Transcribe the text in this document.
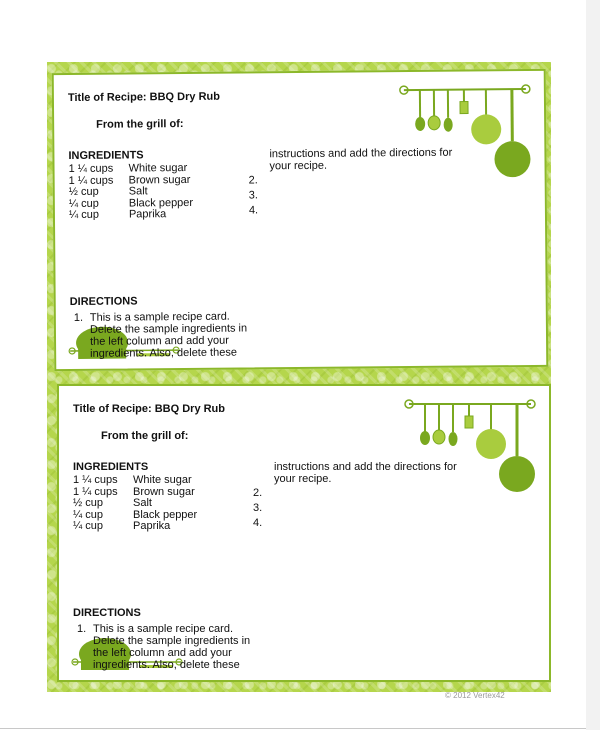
Title of Recipe: BBQ Dry Rub
From the grill of:
INGREDIENTS
1 ¼ cups White sugar
1 ¼ cups Brown sugar
½ cup	Salt
¼ cup	Black pepper
¼ cup	Paprika
instructions and add the directions for your recipe.
2.
3.
4.
DIRECTIONS
1. This is a sample recipe card. Delete the sample ingredients in the left column and add your ingredients. Also, delete these
Title of Recipe: BBQ Dry Rub
From the grill of:
INGREDIENTS
1 ¼ cups White sugar
1 ¼ cups Brown sugar
½ cup	Salt
¼ cup	Black pepper
¼ cup	Paprika
instructions and add the directions for your recipe.
2.
3.
4.
DIRECTIONS
1. This is a sample recipe card. Delete the sample ingredients in the left column and add your ingredients. Also, delete these
© 2012 Vertex42
